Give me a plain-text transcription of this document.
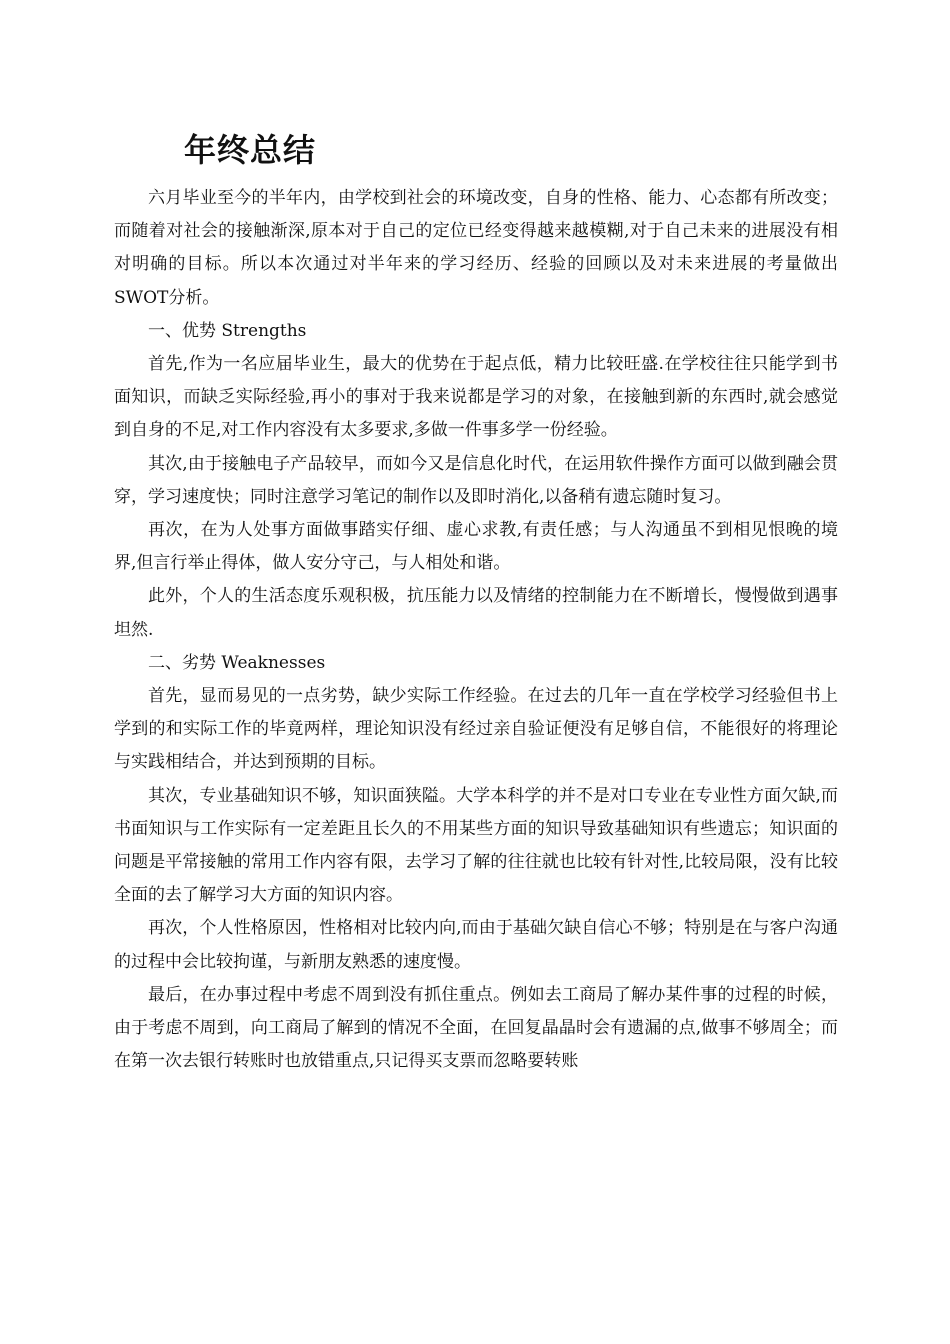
年终总结

六月毕业至今的半年内，由学校到社会的环境改变，自身的性格、能力、心态都有所改变；而随着对社会的接触渐深,原本对于自己的定位已经变得越来越模糊,对于自己未来的进展没有相对明确的目标。所以本次通过对半年来的学习经历、经验的回顾以及对未来进展的考量做出SWOT分析。

一、优势 Strengths

首先,作为一名应届毕业生，最大的优势在于起点低，精力比较旺盛.在学校往往只能学到书面知识，而缺乏实际经验,再小的事对于我来说都是学习的对象，在接触到新的东西时,就会感觉到自身的不足,对工作内容没有太多要求,多做一件事多学一份经验。

其次,由于接触电子产品较早，而如今又是信息化时代，在运用软件操作方面可以做到融会贯穿，学习速度快；同时注意学习笔记的制作以及即时消化,以备稍有遗忘随时复习。

再次，在为人处事方面做事踏实仔细、虚心求教,有责任感；与人沟通虽不到相见恨晚的境界,但言行举止得体，做人安分守己，与人相处和谐。

此外，个人的生活态度乐观积极，抗压能力以及情绪的控制能力在不断增长，慢慢做到遇事坦然.

二、劣势 Weaknesses

首先，显而易见的一点劣势，缺少实际工作经验。在过去的几年一直在学校学习经验但书上学到的和实际工作的毕竟两样，理论知识没有经过亲自验证便没有足够自信，不能很好的将理论与实践相结合，并达到预期的目标。

其次，专业基础知识不够，知识面狭隘。大学本科学的并不是对口专业在专业性方面欠缺,而书面知识与工作实际有一定差距且长久的不用某些方面的知识导致基础知识有些遗忘；知识面的问题是平常接触的常用工作内容有限，去学习了解的往往就也比较有针对性,比较局限，没有比较全面的去了解学习大方面的知识内容。

再次，个人性格原因，性格相对比较内向,而由于基础欠缺自信心不够；特别是在与客户沟通的过程中会比较拘谨，与新朋友熟悉的速度慢。

最后，在办事过程中考虑不周到没有抓住重点。例如去工商局了解办某件事的过程的时候，由于考虑不周到，向工商局了解到的情况不全面，在回复晶晶时会有遗漏的点,做事不够周全；而在第一次去银行转账时也放错重点,只记得买支票而忽略要转账
